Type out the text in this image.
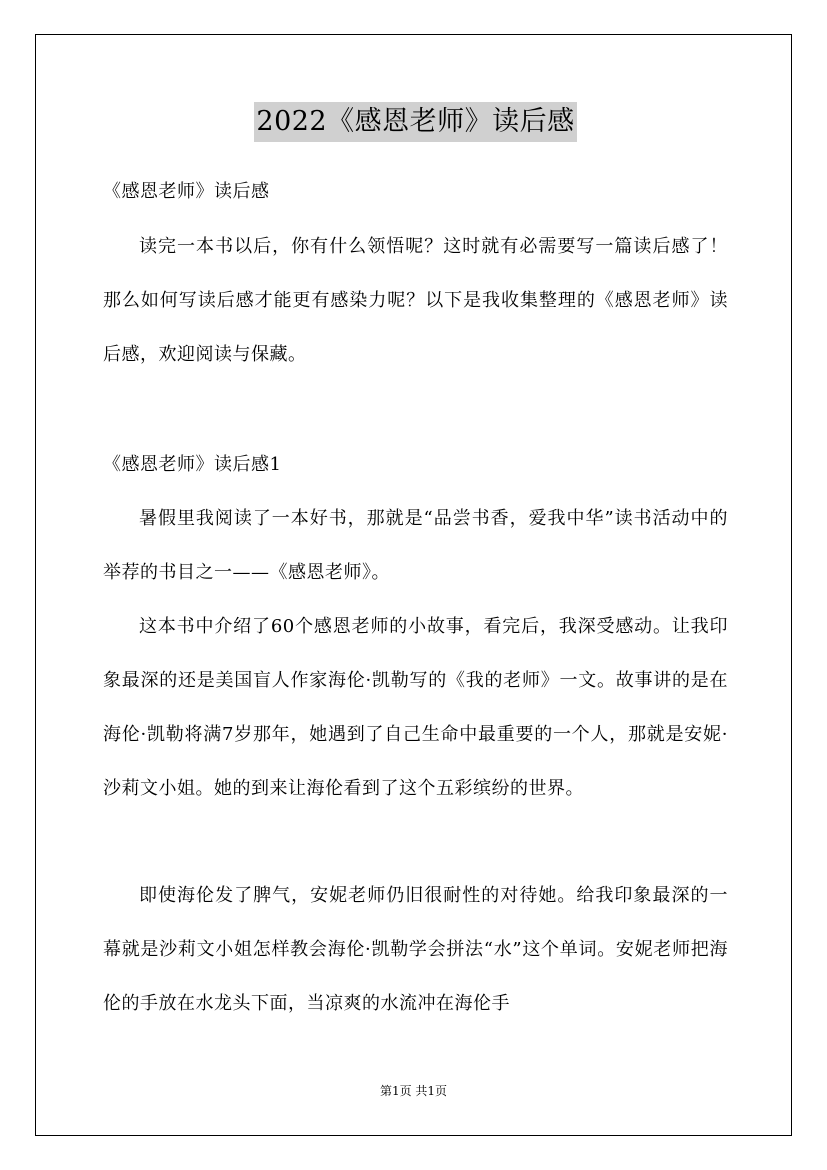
2022《感恩老师》读后感

《感恩老师》读后感

读完一本书以后，你有什么领悟呢？这时就有必需要写一篇读后感了！那么如何写读后感才能更有感染力呢？以下是我收集整理的《感恩老师》读后感，欢迎阅读与保藏。

《感恩老师》读后感1

暑假里我阅读了一本好书，那就是“品尝书香，爱我中华”读书活动中的举荐的书目之一——《感恩老师》。

这本书中介绍了60个感恩老师的小故事，看完后，我深受感动。让我印象最深的还是美国盲人作家海伦·凯勒写的《我的老师》一文。故事讲的是在海伦·凯勒将满7岁那年，她遇到了自己生命中最重要的一个人，那就是安妮·沙莉文小姐。她的到来让海伦看到了这个五彩缤纷的世界。

即使海伦发了脾气，安妮老师仍旧很耐性的对待她。给我印象最深的一幕就是沙莉文小姐怎样教会海伦·凯勒学会拼法“水”这个单词。安妮老师把海伦的手放在水龙头下面，当凉爽的水流冲在海伦手

第1页 共1页
